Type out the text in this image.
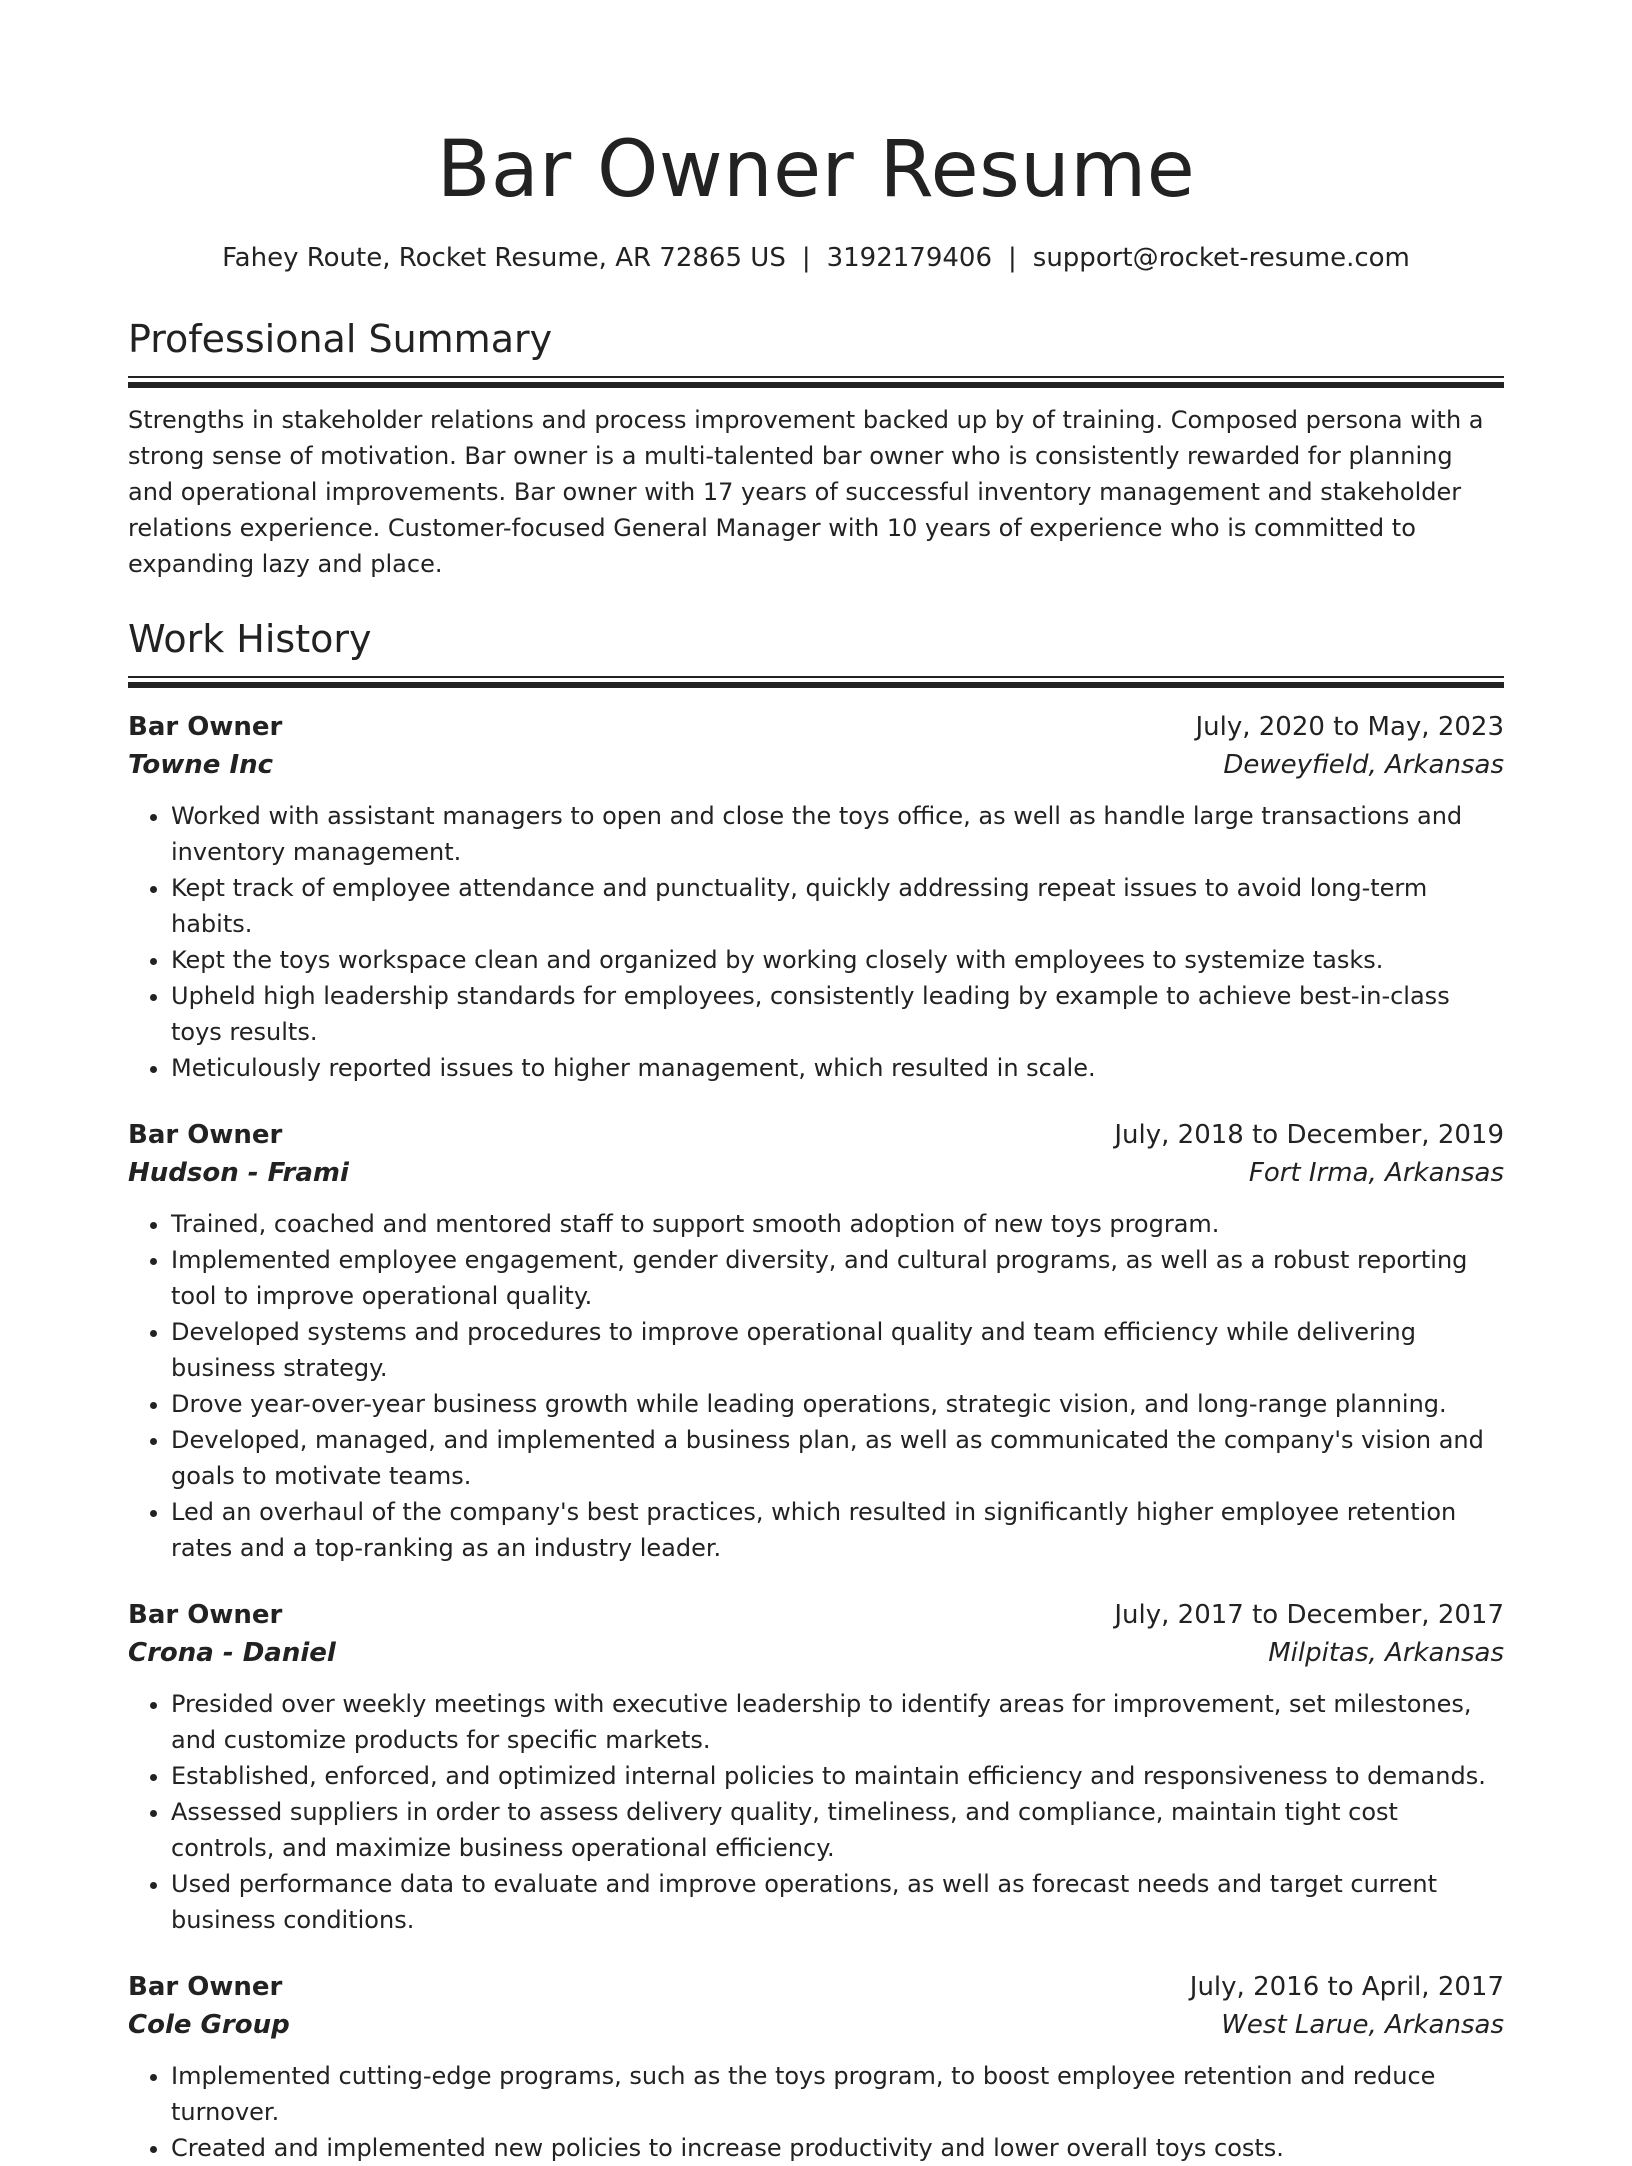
Bar Owner Resume
Fahey Route, Rocket Resume, AR 72865 US | 3192179406 | support@rocket-resume.com
Professional Summary

Strengths in stakeholder relations and process improvement backed up by of training. Composed persona with a strong sense of motivation. Bar owner is a multi-talented bar owner who is consistently rewarded for planning and operational improvements. Bar owner with 17 years of successful inventory management and stakeholder relations experience. Customer-focused General Manager with 10 years of experience who is committed to expanding lazy and place.

Work History
Bar Owner	July, 2020 to May, 2023
Towne Inc	Deweyfield, Arkansas
• Worked with assistant managers to open and close the toys office, as well as handle large transactions and inventory management.
• Kept track of employee attendance and punctuality, quickly addressing repeat issues to avoid long-term habits.
• Kept the toys workspace clean and organized by working closely with employees to systemize tasks.
• Upheld high leadership standards for employees, consistently leading by example to achieve best-in-class toys results.
• Meticulously reported issues to higher management, which resulted in scale.
Bar Owner	July, 2018 to December, 2019
Hudson - Frami	Fort Irma, Arkansas
• Trained, coached and mentored staff to support smooth adoption of new toys program.
• Implemented employee engagement, gender diversity, and cultural programs, as well as a robust reporting tool to improve operational quality.
• Developed systems and procedures to improve operational quality and team efficiency while delivering business strategy.
• Drove year-over-year business growth while leading operations, strategic vision, and long-range planning.
• Developed, managed, and implemented a business plan, as well as communicated the company's vision and goals to motivate teams.
• Led an overhaul of the company's best practices, which resulted in significantly higher employee retention rates and a top-ranking as an industry leader.
Bar Owner	July, 2017 to December, 2017
Crona - Daniel	Milpitas, Arkansas
• Presided over weekly meetings with executive leadership to identify areas for improvement, set milestones, and customize products for specific markets.
• Established, enforced, and optimized internal policies to maintain efficiency and responsiveness to demands.
• Assessed suppliers in order to assess delivery quality, timeliness, and compliance, maintain tight cost controls, and maximize business operational efficiency.
• Used performance data to evaluate and improve operations, as well as forecast needs and target current business conditions.
Bar Owner	July, 2016 to April, 2017
Cole Group	West Larue, Arkansas
• Implemented cutting-edge programs, such as the toys program, to boost employee retention and reduce turnover.
• Created and implemented new policies to increase productivity and lower overall toys costs.
